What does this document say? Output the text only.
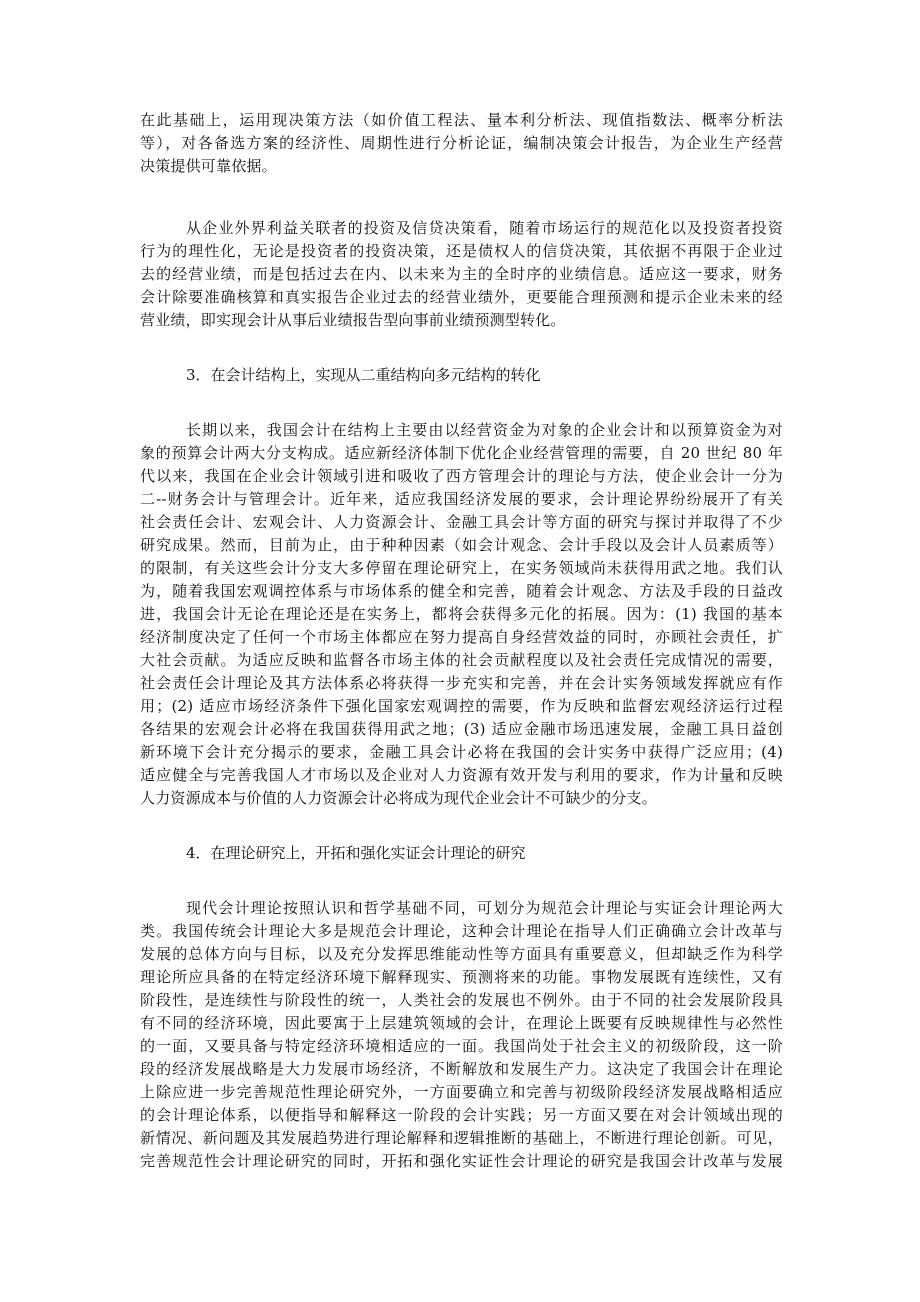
在此基础上，运用现决策方法（如价值工程法、量本利分析法、现值指数法、概率分析法
等），对各备选方案的经济性、周期性进行分析论证，编制决策会计报告，为企业生产经营
决策提供可靠依据。
从企业外界利益关联者的投资及信贷决策看，随着市场运行的规范化以及投资者投资
行为的理性化，无论是投资者的投资决策，还是债权人的信贷决策，其依据不再限于企业过
去的经营业绩，而是包括过去在内、以未来为主的全时序的业绩信息。适应这一要求，财务
会计除要准确核算和真实报告企业过去的经营业绩外，更要能合理预测和提示企业未来的经
营业绩，即实现会计从事后业绩报告型向事前业绩预测型转化。

3．在会计结构上，实现从二重结构向多元结构的转化

长期以来，我国会计在结构上主要由以经营资金为对象的企业会计和以预算资金为对
象的预算会计两大分支构成。适应新经济体制下优化企业经营管理的需要，自 20 世纪 80 年
代以来，我国在企业会计领域引进和吸收了西方管理会计的理论与方法，使企业会计一分为
二--财务会计与管理会计。近年来，适应我国经济发展的要求，会计理论界纷纷展开了有关
社会责任会计、宏观会计、人力资源会计、金融工具会计等方面的研究与探讨并取得了不少
研究成果。然而，目前为止，由于种种因素（如会计观念、会计手段以及会计人员素质等）
的限制，有关这些会计分支大多停留在理论研究上，在实务领域尚未获得用武之地。我们认
为，随着我国宏观调控体系与市场体系的健全和完善，随着会计观念、方法及手段的日益改
进，我国会计无论在理论还是在实务上，都将会获得多元化的拓展。因为：(1) 我国的基本
经济制度决定了任何一个市场主体都应在努力提高自身经营效益的同时，亦顾社会责任，扩
大社会贡献。为适应反映和监督各市场主体的社会贡献程度以及社会责任完成情况的需要，
社会责任会计理论及其方法体系必将获得一步充实和完善，并在会计实务领域发挥就应有作
用；(2) 适应市场经济条件下强化国家宏观调控的需要，作为反映和监督宏观经济运行过程
各结果的宏观会计必将在我国获得用武之地；(3) 适应金融市场迅速发展，金融工具日益创
新环境下会计充分揭示的要求，金融工具会计必将在我国的会计实务中获得广泛应用；(4)
适应健全与完善我国人才市场以及企业对人力资源有效开发与利用的要求，作为计量和反映
人力资源成本与价值的人力资源会计必将成为现代企业会计不可缺少的分支。

4．在理论研究上，开拓和强化实证会计理论的研究

现代会计理论按照认识和哲学基础不同，可划分为规范会计理论与实证会计理论两大
类。我国传统会计理论大多是规范会计理论，这种会计理论在指导人们正确确立会计改革与
发展的总体方向与目标，以及充分发挥思维能动性等方面具有重要意义，但却缺乏作为科学
理论所应具备的在特定经济环境下解释现实、预测将来的功能。事物发展既有连续性，又有
阶段性，是连续性与阶段性的统一，人类社会的发展也不例外。由于不同的社会发展阶段具
有不同的经济环境，因此要寓于上层建筑领域的会计，在理论上既要有反映规律性与必然性
的一面，又要具备与特定经济环境相适应的一面。我国尚处于社会主义的初级阶段，这一阶
段的经济发展战略是大力发展市场经济，不断解放和发展生产力。这决定了我国会计在理论
上除应进一步完善规范性理论研究外，一方面要确立和完善与初级阶段经济发展战略相适应
的会计理论体系，以便指导和解释这一阶段的会计实践；另一方面又要在对会计领域出现的
新情况、新问题及其发展趋势进行理论解释和逻辑推断的基础上，不断进行理论创新。可见，
完善规范性会计理论研究的同时，开拓和强化实证性会计理论的研究是我国会计改革与发展
